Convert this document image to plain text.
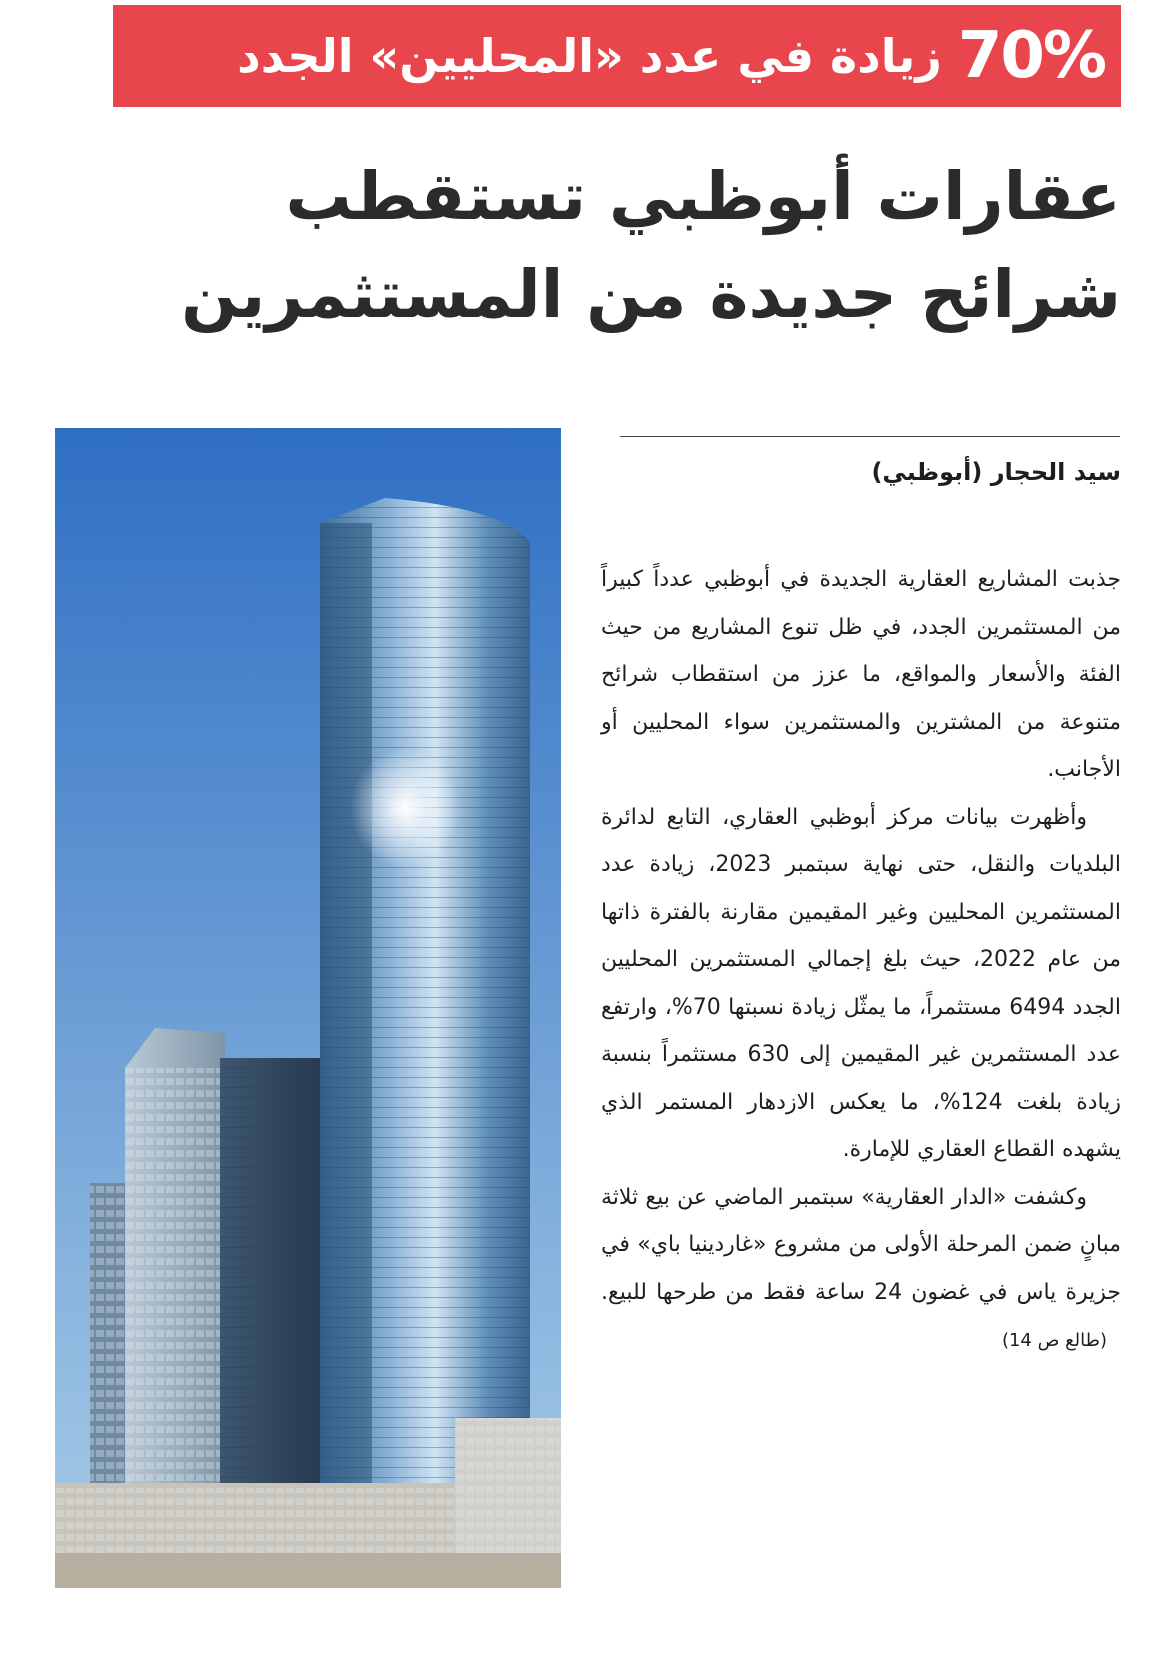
70%
زيادة في عدد «المحليين» الجدد
عقارات أبوظبي تستقطب شرائح جديدة من المستثمرين

سيد الحجار (أبوظبي)

جذبت المشاريع العقارية الجديدة في أبوظبي عدداً كبيراً من المستثمرين الجدد، في ظل تنوع المشاريع من حيث الفئة والأسعار والمواقع، ما عزز من استقطاب شرائح متنوعة من المشترين والمستثمرين سواء المحليين أو الأجانب.

وأظهرت بيانات مركز أبوظبي العقاري، التابع لدائرة البلديات والنقل، حتى نهاية سبتمبر 2023، زيادة عدد المستثمرين المحليين وغير المقيمين مقارنة بالفترة ذاتها من عام 2022، حيث بلغ إجمالي المستثمرين المحليين الجدد 6494 مستثمراً، ما يمثّل زيادة نسبتها 70%، وارتفع عدد المستثمرين غير المقيمين إلى 630 مستثمراً بنسبة زيادة بلغت 124%، ما يعكس الازدهار المستمر الذي يشهده القطاع العقاري للإمارة.

وكشفت «الدار العقارية» سبتمبر الماضي عن بيع ثلاثة مبانٍ ضمن المرحلة الأولى من مشروع «غاردينيا باي» في جزيرة ياس في غضون 24 ساعة فقط من طرحها للبيع.(طالع ص 14)
